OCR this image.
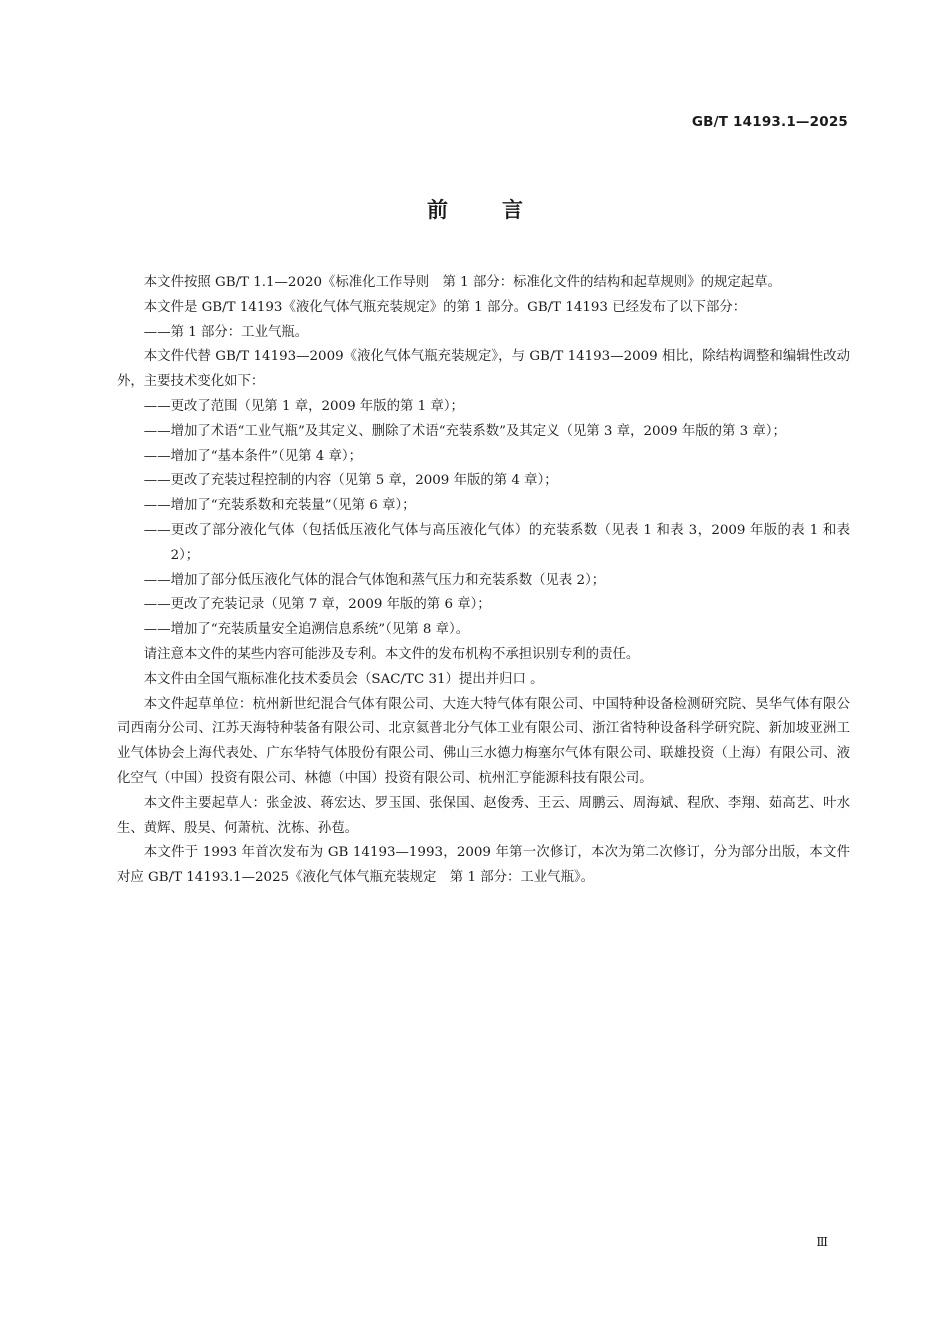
GB/T 14193.1—2025
前言

本文件按照 GB/T 1.1—2020《标准化工作导则　第 1 部分：标准化文件的结构和起草规则》的规定起草。

本文件是 GB/T 14193《液化气体气瓶充装规定》的第 1 部分。GB/T 14193 已经发布了以下部分：

——第 1 部分：工业气瓶。

本文件代替 GB/T 14193—2009《液化气体气瓶充装规定》，与 GB/T 14193—2009 相比，除结构调整和编辑性改动外，主要技术变化如下：

——更改了范围（见第 1 章，2009 年版的第 1 章）；

——增加了术语“工业气瓶”及其定义、删除了术语“充装系数”及其定义（见第 3 章，2009 年版的第 3 章）；

——增加了“基本条件”（见第 4 章）；

——更改了充装过程控制的内容（见第 5 章，2009 年版的第 4 章）；

——增加了“充装系数和充装量”（见第 6 章）；

——更改了部分液化气体（包括低压液化气体与高压液化气体）的充装系数（见表 1 和表 3，2009 年版的表 1 和表 2）；

——增加了部分低压液化气体的混合气体饱和蒸气压力和充装系数（见表 2）；

——更改了充装记录（见第 7 章，2009 年版的第 6 章）；

——增加了“充装质量安全追溯信息系统”（见第 8 章）。

请注意本文件的某些内容可能涉及专利。本文件的发布机构不承担识别专利的责任。

本文件由全国气瓶标准化技术委员会（SAC/TC 31）提出并归口 。

本文件起草单位：杭州新世纪混合气体有限公司、大连大特气体有限公司、中国特种设备检测研究院、昊华气体有限公司西南分公司、江苏天海特种装备有限公司、北京氦普北分气体工业有限公司、浙江省特种设备科学研究院、新加坡亚洲工业气体协会上海代表处、广东华特气体股份有限公司、佛山三水德力梅塞尔气体有限公司、联雄投资（上海）有限公司、液化空气（中国）投资有限公司、林德（中国）投资有限公司、杭州汇亨能源科技有限公司。

本文件主要起草人：张金波、蒋宏达、罗玉国、张保国、赵俊秀、王云、周鹏云、周海斌、程欣、李翔、茹高艺、叶水生、黄辉、殷昊、何萧杭、沈栋、孙苞。

本文件于 1993 年首次发布为 GB 14193—1993，2009 年第一次修订，本次为第二次修订，分为部分出版，本文件对应 GB/T 14193.1—2025《液化气体气瓶充装规定　第 1 部分：工业气瓶》。

Ⅲ
